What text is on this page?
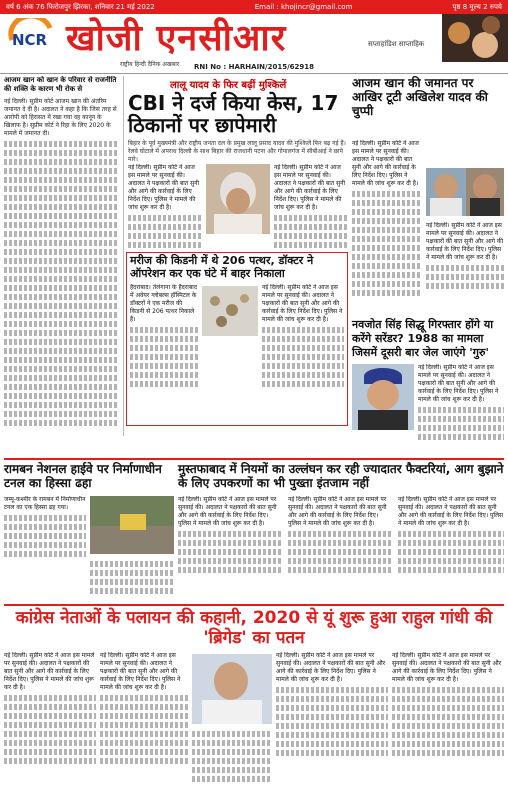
वर्ष 6 अंक 76 फिरोजपुर झिरका, शनिवार 21 मई 2022	Email : khojincr@gmail.com	पृष्ठ 8 मूल्य 2 रुपये
NCR खोजी एनसीआर	सप्ताहांडिश साप्ताहिक
राष्ट्रीय हिन्दी दैनिक अखबार	RNI No : HARHAIN/2015/62918
आजम खान को खान के परिवार से राजनीति की शक्ति के कारण भी रोक से
नई दिल्ली। सुप्रीम कोर्ट आजम खान की अंतरिम जमानत दे दी है। अदालत ने कहा है कि जिस तरह से आरोपी को हिरासत में रखा गया वह कानून के खिलाफ है। सुप्रीम कोर्ट ने रिहा के लिए 2020 के मामले में जमानत दी।
लालू यादव के फिर बढ़ीं मुश्किलें
CBI ने दर्ज किया केस, 17 ठिकानों पर छापेमारी
बिहार के पूर्व मुख्यमंत्री और राष्ट्रीय जनता दल के प्रमुख लालू प्रसाद यादव की मुश्किलें फिर बढ़ गई हैं। रेलवे घोटाले में अपराध दिल्ली के साथ बिहार की राजधानी पटना और गोपालगंज में सीबीआई ने छापे मारे।
नई दिल्ली। सुप्रीम कोर्ट ने आज इस मामले पर सुनवाई की। अदालत ने पक्षकारों की बात सुनी और आगे की कार्रवाई के लिए निर्देश दिए। पुलिस ने मामले की जांच शुरू कर दी है।
नई दिल्ली। सुप्रीम कोर्ट ने आज इस मामले पर सुनवाई की। अदालत ने पक्षकारों की बात सुनी और आगे की कार्रवाई के लिए निर्देश दिए। पुलिस ने मामले की जांच शुरू कर दी है।
आजम खान की जमानत पर आखिर टूटी अखिलेश यादव की चुप्पी
नई दिल्ली। सुप्रीम कोर्ट ने आज इस मामले पर सुनवाई की। अदालत ने पक्षकारों की बात सुनी और आगे की कार्रवाई के लिए निर्देश दिए। पुलिस ने मामले की जांच शुरू कर दी है।
नई दिल्ली। सुप्रीम कोर्ट ने आज इस मामले पर सुनवाई की। अदालत ने पक्षकारों की बात सुनी और आगे की कार्रवाई के लिए निर्देश दिए। पुलिस ने मामले की जांच शुरू कर दी है।
मरीज की किडनी में थे 206 पत्थर, डॉक्टर ने ऑपरेशन कर एक घंटे में बाहर निकाला
हैदराबाद। तेलंगाना के हैदराबाद में अवेयर ग्लोबल्स हॉस्पिटल के डॉक्टरों ने एक मरीज की किडनी से 206 पत्थर निकाले हैं।
नई दिल्ली। सुप्रीम कोर्ट ने आज इस मामले पर सुनवाई की। अदालत ने पक्षकारों की बात सुनी और आगे की कार्रवाई के लिए निर्देश दिए। पुलिस ने मामले की जांच शुरू कर दी है।	नवजोत सिंह सिद्धू गिरफ्तार होंगे या करेंगे सरेंडर? 1988 का मामला जिसमें दूसरी बार जेल जाएंगे 'गुरु'
नई दिल्ली। सुप्रीम कोर्ट ने आज इस मामले पर सुनवाई की। अदालत ने पक्षकारों की बात सुनी और आगे की कार्रवाई के लिए निर्देश दिए। पुलिस ने मामले की जांच शुरू कर दी है।
रामबन नेशनल हाईवे पर निर्माणाधीन टनल का हिस्सा ढहा
जम्मू-कश्मीर के रामबन में निर्माणाधीन टनल का एक हिस्सा ढह गया।
मुस्तफाबाद में नियमों का उल्लंघन कर रही ज्यादातर फैक्टरियां, आग बुझाने के लिए उपकरणों का भी पुख्ता इंतजाम नहीं
नई दिल्ली। सुप्रीम कोर्ट ने आज इस मामले पर सुनवाई की। अदालत ने पक्षकारों की बात सुनी और आगे की कार्रवाई के लिए निर्देश दिए। पुलिस ने मामले की जांच शुरू कर दी है।
नई दिल्ली। सुप्रीम कोर्ट ने आज इस मामले पर सुनवाई की। अदालत ने पक्षकारों की बात सुनी और आगे की कार्रवाई के लिए निर्देश दिए। पुलिस ने मामले की जांच शुरू कर दी है।
नई दिल्ली। सुप्रीम कोर्ट ने आज इस मामले पर सुनवाई की। अदालत ने पक्षकारों की बात सुनी और आगे की कार्रवाई के लिए निर्देश दिए। पुलिस ने मामले की जांच शुरू कर दी है।
कांग्रेस नेताओं के पलायन की कहानी, 2020 से यूं शुरू हुआ राहुल गांधी की 'ब्रिगेड' का पतन
नई दिल्ली। सुप्रीम कोर्ट ने आज इस मामले पर सुनवाई की। अदालत ने पक्षकारों की बात सुनी और आगे की कार्रवाई के लिए निर्देश दिए। पुलिस ने मामले की जांच शुरू कर दी है।
नई दिल्ली। सुप्रीम कोर्ट ने आज इस मामले पर सुनवाई की। अदालत ने पक्षकारों की बात सुनी और आगे की कार्रवाई के लिए निर्देश दिए। पुलिस ने मामले की जांच शुरू कर दी है।
नई दिल्ली। सुप्रीम कोर्ट ने आज इस मामले पर सुनवाई की। अदालत ने पक्षकारों की बात सुनी और आगे की कार्रवाई के लिए निर्देश दिए। पुलिस ने मामले की जांच शुरू कर दी है।
नई दिल्ली। सुप्रीम कोर्ट ने आज इस मामले पर सुनवाई की। अदालत ने पक्षकारों की बात सुनी और आगे की कार्रवाई के लिए निर्देश दिए। पुलिस ने मामले की जांच शुरू कर दी है।
